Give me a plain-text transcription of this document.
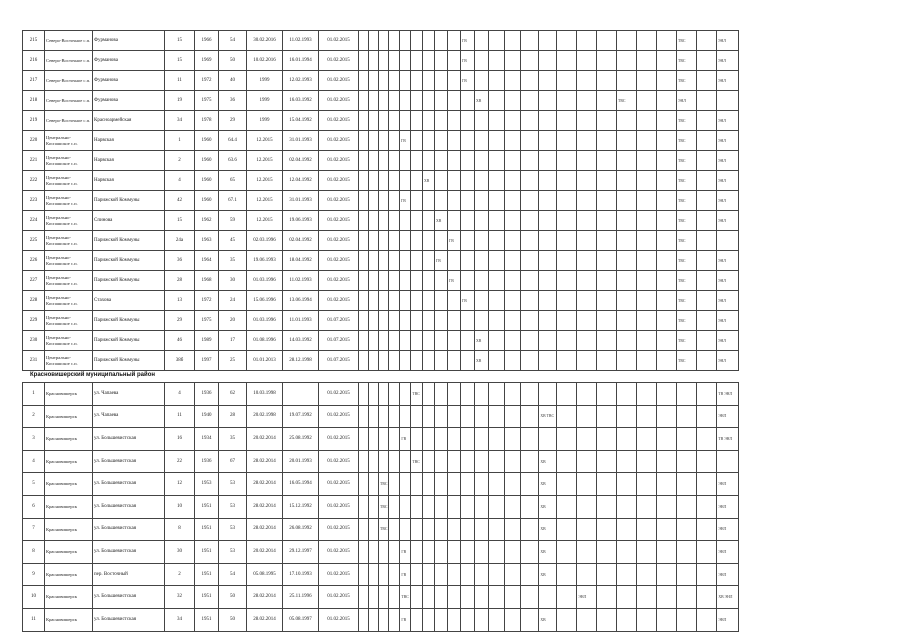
215	Северо-Восточное с.п.	Фурманова	15	1966	54	30.02.2016	11.02.1993	01.02.2015										ГВ												ТВС		ЭНЛ
216	Северо-Восточное с.п.	Фурманова	15	1969	50	10.02.2016	16.01.1994	01.02.2015										ГВ												ТВС		ЭНЛ
217	Северо-Восточное с.п.	Фурманова	11	1972	40	1999	12.02.1993	01.02.2015										ГВ												ТВС		ЭНЛ
218	Северо-Восточное с.п.	Фурманова	19	1975	36	1999	16.03.1992	01.02.2015											ХВ								ТВС			ЭНЛ		
219	Северо-Восточное с.п.	Красноармейская	34	1978	29	1999	15.04.1992	01.02.2015																						ТВС		ЭНЛ
220	Центрально-Коспашское с.п.	Нарвская	1	1960	64.4	12.2015	31.01.1993	01.02.2015					ГВ																	ТВС		ЭНЛ
221	Центрально-Коспашское с.п.	Нарвская	2	1960	63.6	12.2015	02.04.1992	01.02.2015																						ТВС		ЭНЛ
222	Центрально-Коспашское с.п.	Нарвская	4	1960	65	12.2015	12.04.1992	01.02.2015							ХВ															ТВС		ЭНЛ
223	Центрально-Коспашское с.п.	Парижской Коммуны	42	1960	67.1	12.2015	31.01.1993	01.02.2015					ГВ																	ТВС		ЭНЛ
224	Центрально-Коспашское с.п.	Спинова	15	1962	59	12.2015	19.06.1993	01.02.2015								ХВ														ТВС		ЭНЛ
225	Центрально-Коспашское с.п.	Парижской Коммуны	24а	1963	45	02.03.1996	02.04.1992	01.02.2015									ГВ													ТВС		
226	Центрально-Коспашское с.п.	Парижской Коммуны	36	1964	35	19.06.1993	18.04.1992	01.02.2015								ГВ														ТВС		ЭНЛ
227	Центрально-Коспашское с.п.	Парижской Коммуны	28	1968	30	01.03.1996	11.02.1993	01.02.2015									ГВ													ТВС		ЭНЛ
228	Центрально-Коспашское с.п.	Стахова	13	1972	24	15.06.1996	13.06.1994	01.02.2015										ГВ												ТВС		ЭНЛ
229	Центрально-Коспашское с.п.	Парижской Коммуны	29	1975	20	01.03.1996	11.01.1993	01.07.2015																						ТВС		ЭНЛ
230	Центрально-Коспашское с.п.	Парижской Коммуны	46	1989	17	01.08.1996	14.03.1992	01.07.2015											ХВ											ТВС		ЭНЛ
231	Центрально-Коспашское с.п.	Парижской Коммуны	38б	1997	25	01.01.2013	28.12.1998	01.07.2015											ХВ											ТВС		ЭНЛ
Красновишерский муниципальный район
1	Красновишерск	ул. Чапаева	4	1936	62	10.03.1998		01.02.2015						ТВС																		ТВ ЭНЛ
2	Красновишерск	ул. Чапаева	11	1940	28	20.02.1998	19.07.1992	01.02.2015															ХВ ТВС									ЭНЛ
3	Красновишерск	ул. Большевистская	16	1934	35	20.02.2014	25.08.1992	01.02.2015					ГВ																			ТВ ЭНЛ
4	Красновишерск	ул. Большевистская	22	1936	67	28.02.2014	20.01.1993	01.02.2015						ТВС									ХВ									
5	Красновишерск	ул. Большевистская	12	1953	53	28.02.2014	16.05.1994	01.02.2015			ТВС												ХВ									ЭНЛ
6	Красновишерск	ул. Большевистская	10	1951	53	28.02.2014	15.12.1992	01.02.2015			ТВС												ХВ									ЭНЛ
7	Красновишерск	ул. Большевистская	8	1951	53	28.02.2014	26.08.1992	01.02.2015			ТВС												ХВ									ЭНЛ
8	Красновишерск	ул. Большевистская	30	1951	53	20.02.2014	29.12.1997	01.02.2015					ГВ										ХВ									ЭНЛ
9	Красновишерск	пер. Восточный	2	1951	54	05.08.1995	17.10.1993	01.02.2015					ГВ										ХВ									ЭНЛ
10	Красновишерск	ул. Большевистская	32	1951	50	28.02.2014	25.11.1996	01.02.2015					ТВС												ЭНЛ							ХВ ЭНЛ
11	Красновишерск	ул. Большевистская	34	1951	50	28.02.2014	05.08.1997	01.02.2015					ГВ										ХВ									ЭНЛ
